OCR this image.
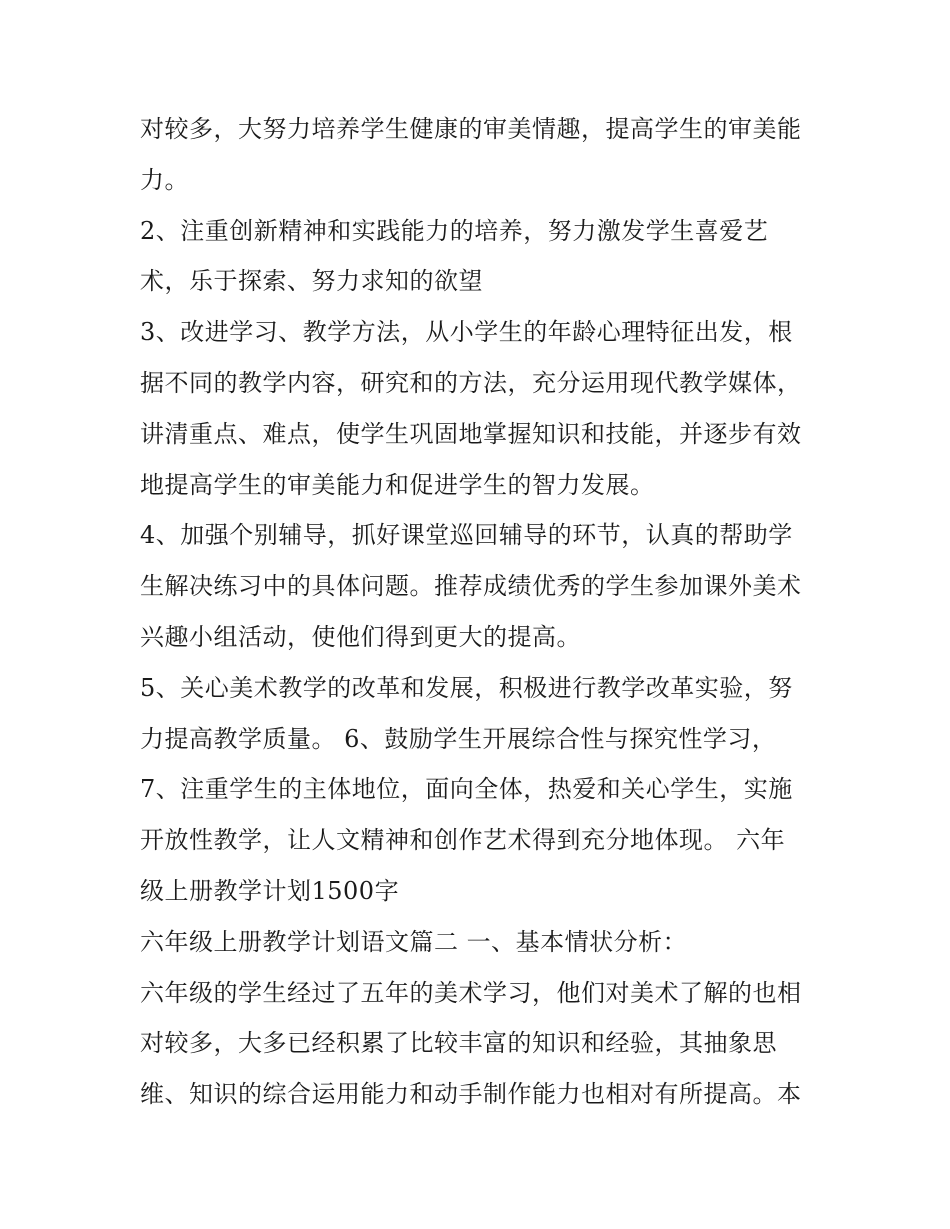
对较多，大努力培养学生健康的审美情趣，提高学生的审美能
力。
2、注重创新精神和实践能力的培养，努力激发学生喜爱艺
术，乐于探索、努力求知的欲望
3、改进学习、教学方法，从小学生的年龄心理特征出发，根
据不同的教学内容，研究和的方法，充分运用现代教学媒体，
讲清重点、难点，使学生巩固地掌握知识和技能，并逐步有效
地提高学生的审美能力和促进学生的智力发展。
4、加强个别辅导，抓好课堂巡回辅导的环节，认真的帮助学
生解决练习中的具体问题。推荐成绩优秀的学生参加课外美术
兴趣小组活动，使他们得到更大的提高。
5、关心美术教学的改革和发展，积极进行教学改革实验，努
力提高教学质量。 6、鼓励学生开展综合性与探究性学习，
7、注重学生的主体地位，面向全体，热爱和关心学生，实施
开放性教学，让人文精神和创作艺术得到充分地体现。 六年
级上册教学计划1500字
六年级上册教学计划语文篇二 一、基本情状分析：
六年级的学生经过了五年的美术学习，他们对美术了解的也相
对较多，大多已经积累了比较丰富的知识和经验，其抽象思
维、知识的综合运用能力和动手制作能力也相对有所提高。本
